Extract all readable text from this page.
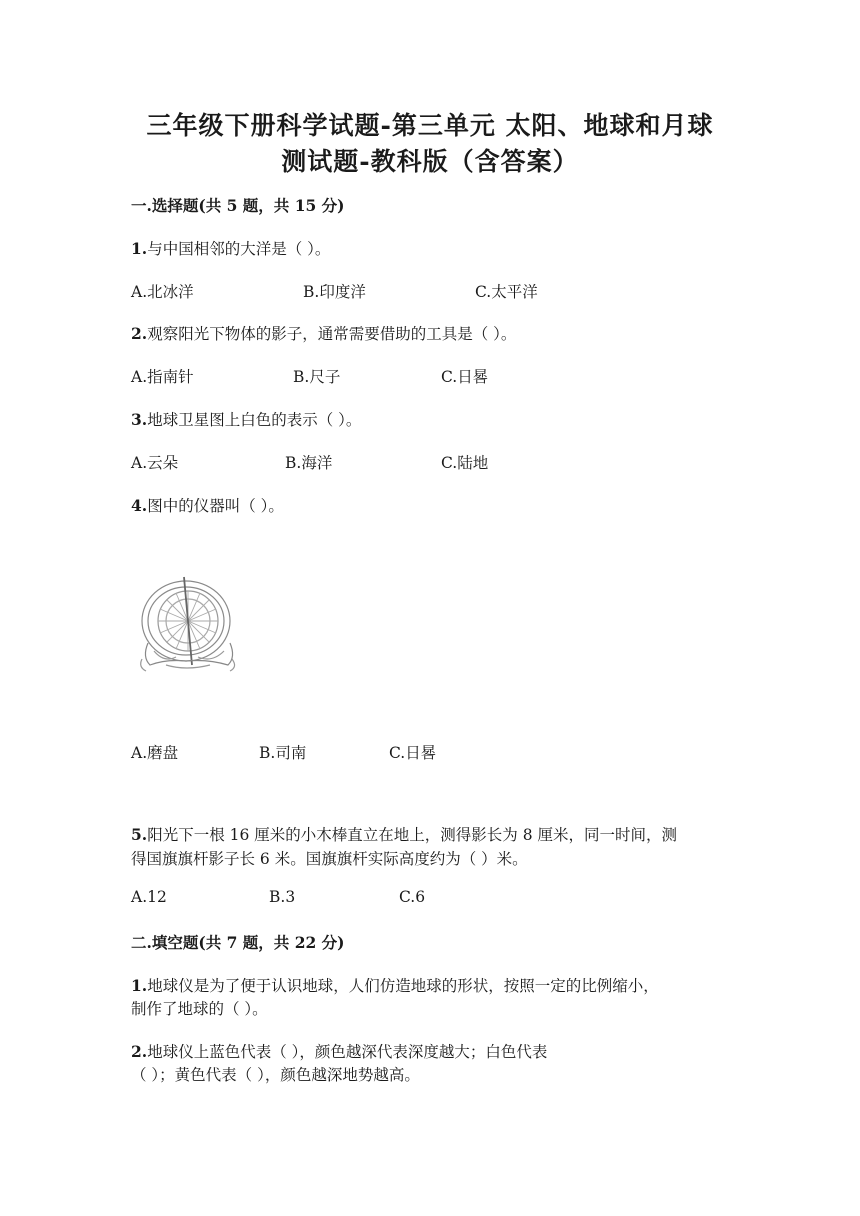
三年级下册科学试题-第三单元 太阳、地球和月球
测试题-教科版（含答案）
一.选择题(共 5 题，共 15 分)
1.与中国相邻的大洋是（ ）。
A.北冰洋	B.印度洋	C.太平洋
2.观察阳光下物体的影子，通常需要借助的工具是（ ）。
A.指南针	B.尺子	C.日晷
3.地球卫星图上白色的表示（ ）。
A.云朵	B.海洋	C.陆地
4.图中的仪器叫（ ）。
A.磨盘	B.司南	C.日晷
5.阳光下一根 16 厘米的小木棒直立在地上，测得影长为 8 厘米，同一时间，测
得国旗旗杆影子长 6 米。国旗旗杆实际高度约为（ ）米。
A.12	B.3	C.6
二.填空题(共 7 题，共 22 分)
1.地球仪是为了便于认识地球，人们仿造地球的形状，按照一定的比例缩小，
制作了地球的（ ）。
2.地球仪上蓝色代表（ ），颜色越深代表深度越大；白色代表
（ ）；黄色代表（ ），颜色越深地势越高。
